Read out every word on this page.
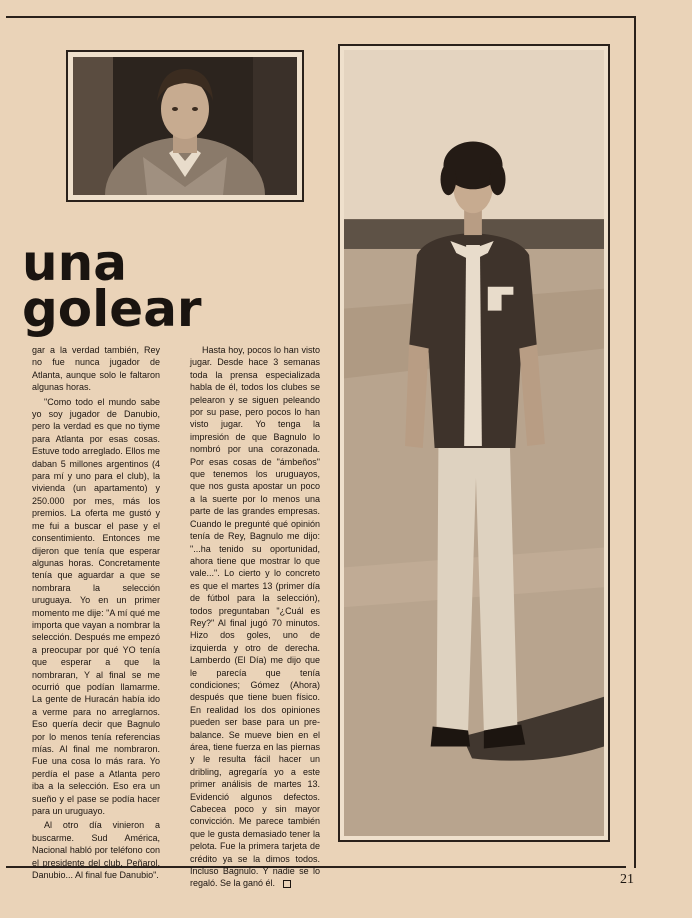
una
golear

gar a la verdad también, Rey no fue nunca jugador de Atlanta, aunque solo le faltaron algunas horas.

"Como todo el mundo sabe yo soy jugador de Danubio, pero la verdad es que no tiyme para Atlanta por esas cosas. Estuve todo arreglado. Ellos me daban 5 millones argentinos (4 para mí y uno para el club), la vivienda (un apartamento) y 250.000 por mes, más los premios. La oferta me gustó y me fui a buscar el pase y el consentimiento. Entonces me dijeron que tenía que esperar algunas horas. Concretamente tenía que aguardar a que se nombrara la selección uruguaya. Yo en un primer momento me dije: "A mí qué me importa que vayan a nombrar la selección. Después me empezó a preocupar por qué YO tenía que esperar a que la nombraran, Y al final se me ocurrió que podían llamarme. La gente de Huracán había ido a verme para no arreglarnos. Eso quería decir que Bagnulo por lo menos tenía referencias mías. Al final me nombraron. Fue una cosa lo más rara. Yo perdía el pase a Atlanta pero iba a la selección. Eso era un sueño y el pase se podía hacer para un uruguayo.

Al otro día vinieron a buscarme. Sud América, Nacional habló por teléfono con el presidente del club, Peñarol, Danubio... Al final fue Danubio".

Hasta hoy, pocos lo han visto jugar. Desde hace 3 semanas toda la prensa especializada habla de él, todos los clubes se pelearon y se siguen peleando por su pase, pero pocos lo han visto jugar. Yo tenga la impresión de que Bagnulo lo nombró por una corazonada. Por esas cosas de "ámbeños" que tenemos los uruguayos, que nos gusta apostar un poco a la suerte por lo menos una parte de las grandes empresas. Cuando le pregunté qué opinión tenía de Rey, Bagnulo me dijo: "...ha tenido su oportunidad, ahora tiene que mostrar lo que vale...". Lo cierto y lo concreto es que el martes 13 (primer día de fútbol para la selección), todos preguntaban "¿Cuál es Rey?" Al final jugó 70 minutos. Hizo dos goles, uno de izquierda y otro de derecha. Lamberdo (El Día) me dijo que le parecía que tenía condiciones; Gómez (Ahora) después que tiene buen físico. En realidad los dos opiniones pueden ser base para un pre-balance. Se mueve bien en el área, tiene fuerza en las piernas y le resulta fácil hacer un dribling, agregaría yo a este primer análisis de martes 13. Evidenció algunos defectos. Cabecea poco y sin mayor convicción. Me parece también que le gusta demasiado tener la pelota. Fue la primera tarjeta de crédito ya se la dimos todos. Incluso Bagnulo. Y nadie se lo regaló. Se la ganó él.	21
